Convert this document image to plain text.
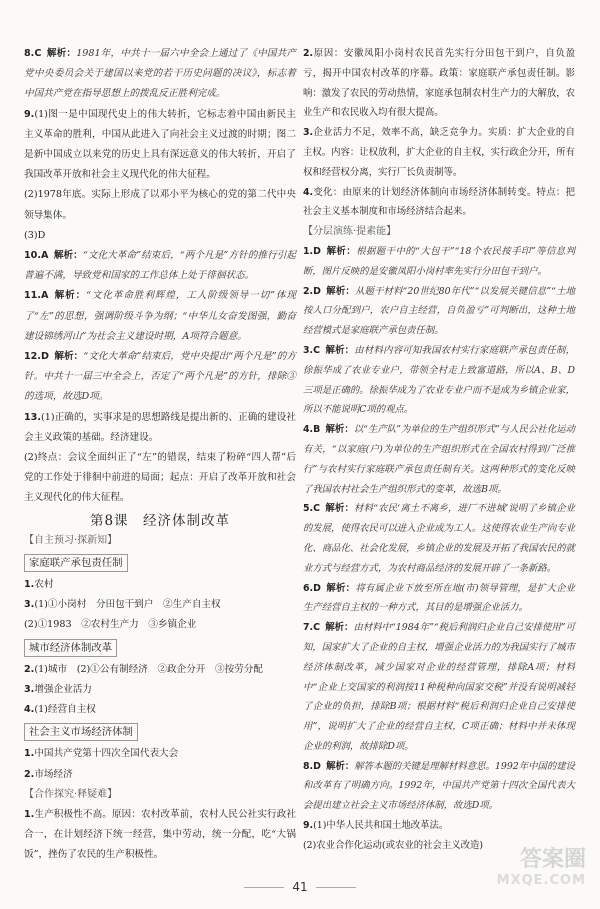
8.C 解析：1981年，中共十一届六中全会上通过了《中国共产党中央委员会关于建国以来党的若干历史问题的决议》，标志着中国共产党在指导思想上的拨乱反正胜利完成。

9.(1)图一是中国现代史上的伟大转折，它标志着中国由新民主主义革命的胜利，中国从此进入了向社会主义过渡的时期；图二是新中国成立以来党的历史上具有深远意义的伟大转折，开启了我国改革开放和社会主义现代化的伟大征程。

(2)1978年底。实际上形成了以邓小平为核心的党的第二代中央领导集体。

(3)D

10.A 解析：“文化大革命”结束后，“两个凡是”方针的推行引起普遍不满，导致党和国家的工作总体上处于徘徊状态。

11.A 解析：“文化革命胜利辉煌，工人阶级领导一切”体现了“左”的思想，强调阶级斗争为纲；“中华儿女奋发图强，勤奋建设锦绣河山”为社会主义建设时期，A项符合题意。

12.D 解析：“文化大革命”结束后，党中央提出“两个凡是”的方针。中共十一届三中全会上，否定了“两个凡是”的方针，排除③的选项，故选D项。

13.(1)正确的，实事求是的思想路线是提出新的、正确的建设社会主义政策的基础。经济建设。

(2)终点：会议全面纠正了“左”的错误，结束了粉碎“四人帮”后党的工作处于徘徊中前进的局面；起点：开启了改革开放和社会主义现代化的伟大征程。

第8课　经济体制改革
【自主预习·探新知】
家庭联产承包责任制

1.农村

3.(1)①小岗村　分田包干到户　②生产自主权

(2)①1983　②农村生产力　③乡镇企业

城市经济体制改革

2.(1)城市　(2)①公有制经济　②政企分开　③按劳分配

3.增强企业活力

4.(1)经营自主权

社会主义市场经济体制

1.中国共产党第十四次全国代表大会

2.市场经济

【合作探究·释疑难】

1.生产积极性不高。原因：农村改革前，农村人民公社实行政社合一，在计划经济下统一经营，集中劳动，统一分配，吃“大锅饭”，挫伤了农民的生产积极性。

2.原因：安徽凤阳小岗村农民首先实行分田包干到户，自负盈亏，揭开中国农村改革的序幕。政策：家庭联产承包责任制。影响：激发了农民的劳动热情，家庭承包制农村生产力的大解放，农业生产和农民收入均有很大提高。

3.企业活力不足，效率不高，缺乏竞争力。实质：扩大企业的自主权。内容：让权放利，扩大企业的自主权，实行政企分开，所有权和经营权分离，实行厂长负责制等。

4.变化：由原来的计划经济体制向市场经济体制转变。特点：把社会主义基本制度和市场经济结合起来。

【分层演练·提素能】

1.D 解析：根据题干中的“大包干”“18个农民按手印”等信息判断，图片反映的是安徽凤阳小岗村率先实行分田包干到户。

2.D 解析：从题干材料“20世纪80年代”“以发展关键信息”“土地按人口分配到户，农户自主经营，自负盈亏”可判断出，这种土地经营模式是家庭联产承包责任制。

3.C 解析：由材料内容可知我国农村实行家庭联产承包责任制，徐振华成了农业专业户，带领全村走上致富道路，所以A、B、D三项是正确的。徐振华成为了农业专业户而不是成为乡镇企业家，所以不能说明C项的观点。

4.B 解析：以“生产队”为单位的生产组织形式”与人民公社化运动有关，“以家庭(户)为单位的生产组织形式在全国农村得到广泛推行”与农村实行家庭联产承包责任制有关。这两种形式的变化反映了我国农村社会生产组织形式的变革，故选B项。

5.C 解析：材料“农民‘离土不离乡，进厂不进城’说明了乡镇企业的发展，使得农民可以进入企业成为工人。这使得农业生产向专业化、商品化、社会化发展，乡镇企业的发展及开拓了我国农民的就业方式与经营方式，为农村商品经济的发展开辟了一条新路。

6.D 解析：将有属企业下放至所在地(市)领导管理，是扩大企业生产经营自主权的一种方式，其目的是增强企业活力。

7.C 解析：由材料中“1984年”“税后利润归企业自己安排使用”可知，国家扩大了企业的自主权，增强企业活力的为我国实行了城市经济体制改革，减少国家对企业的经营管理，排除A项；材料中“企业上交国家的利润按11种税种向国家交税”并没有说明减轻了企业的负担，排除B项；根据材料“税后利润归企业自己安排使用”，说明扩大了企业的经营自主权，C项正确；材料中并未体现企业的利润，故排除D项。

8.D 解析：解答本题的关键是理解材料意思。1992年中国的建设和改革有了明确方向。1992年，中国共产党第十四次全国代表大会提出建立社会主义市场经济体制，故选D项。

9.(1)中华人民共和国土地改革法。

(2)农业合作化运动(或农业的社会主义改造)

41
答案圈
MXQE.COM
